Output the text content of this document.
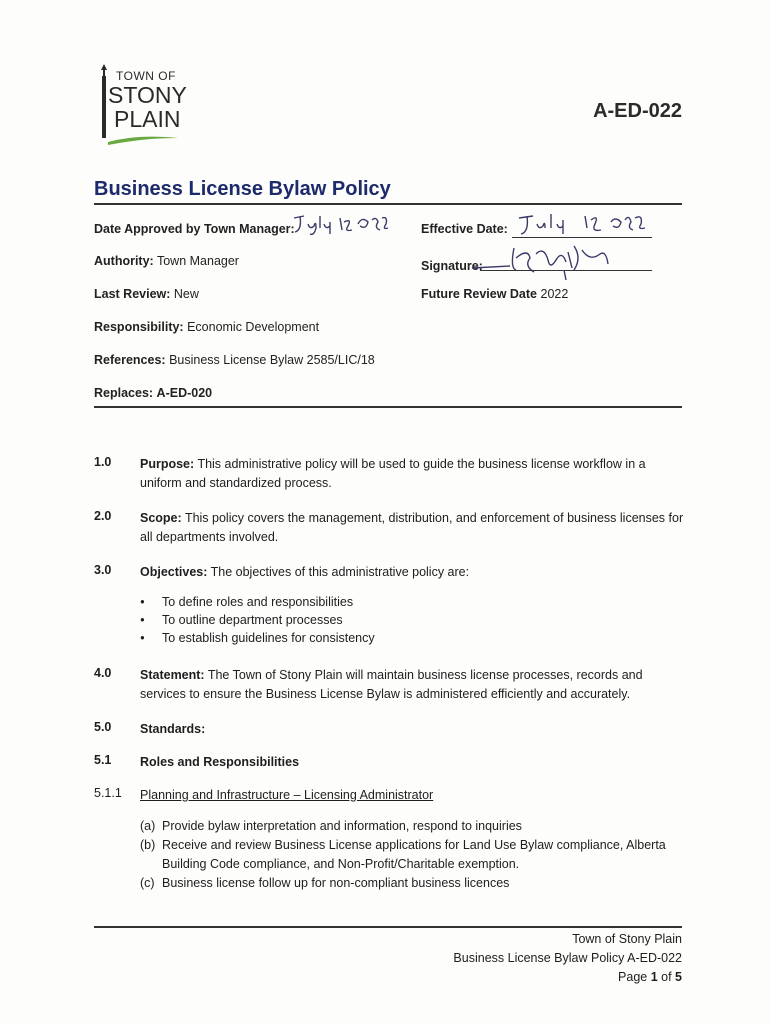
TOWN OF
STONY
PLAIN	A-ED-022
Business License Bylaw Policy
Date Approved by Town Manager:
Authority: Town Manager
Last Review: New
Responsibility: Economic Development
References: Business License Bylaw 2585/LIC/18
Replaces: A-ED-020
Effective Date:
Signature:
Future Review Date 2022
1.0 Purpose: This administrative policy will be used to guide the business license workflow in a uniform and standardized process.
2.0 Scope: This policy covers the management, distribution, and enforcement of business licenses for all departments involved.
3.0 Objectives: The objectives of this administrative policy are:
● To define roles and responsibilities
● To outline department processes
● To establish guidelines for consistency
4.0 Statement: The Town of Stony Plain will maintain business license processes, records and services to ensure the Business License Bylaw is administered efficiently and accurately.
5.0 Standards:
5.1 Roles and Responsibilities
5.1.1 Planning and Infrastructure – Licensing Administrator
(a) Provide bylaw interpretation and information, respond to inquiries
(b) Receive and review Business License applications for Land Use Bylaw compliance, Alberta Building Code compliance, and Non-Profit/Charitable exemption.
(c) Business license follow up for non-compliant business licences
Town of Stony Plain
Business License Bylaw Policy A-ED-022
Page 1 of 5
